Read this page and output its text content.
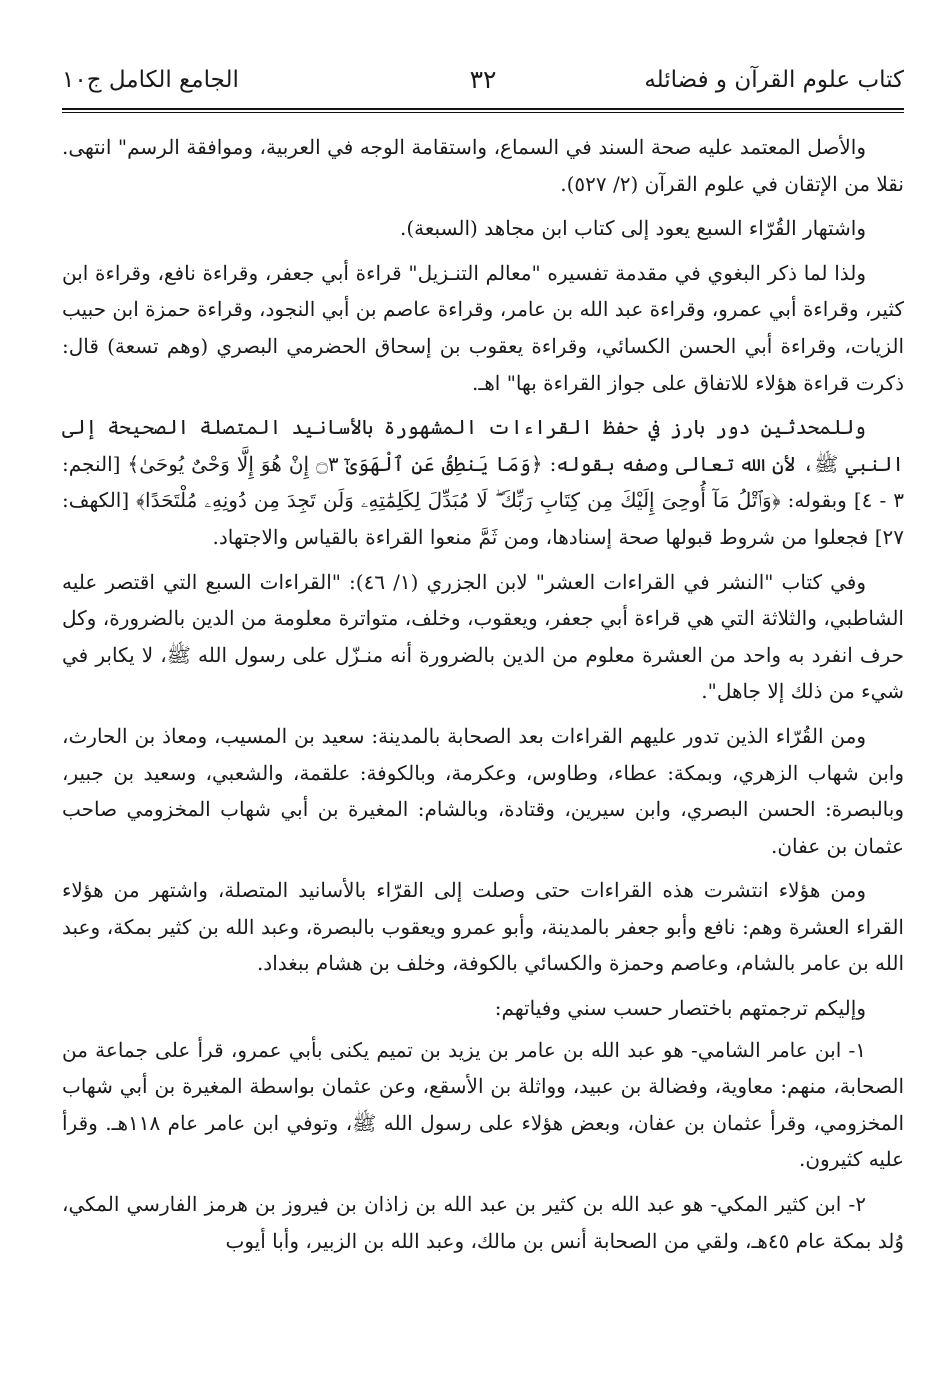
كتاب علوم القرآن و فضائله
٣٢
الجامع الكامل ج١٠

والأصل المعتمد عليه صحة السند في السماع، واستقامة الوجه في العربية، وموافقة الرسم" انتهى. نقلا من الإتقان في علوم القرآن (٢/ ٥٢٧).

واشتهار القُرّاء السبع يعود إلى كتاب ابن مجاهد (السبعة).

ولذا لما ذكر البغوي في مقدمة تفسيره "معالم التنـزيل" قراءة أبي جعفر، وقراءة نافع، وقراءة ابن كثير، وقراءة أبي عمرو، وقراءة عبد الله بن عامر، وقراءة عاصم بن أبي النجود، وقراءة حمزة ابن حبيب الزيات، وقراءة أبي الحسن الكسائي، وقراءة يعقوب بن إسحاق الحضرمي البصري (وهم تسعة) قال: ذكرت قراءة هؤلاء للاتفاق على جواز القراءة بها" اهـ.

وللمحدثين دور بارز في حفظ القراءات المشهورة بالأسانيد المتصلة الصحيحة إلى النبي ﷺ، لأن الله تعالى وصفه بقوله: ﴿وَمَا يَنطِقُ عَنِ ٱلْهَوَىٰٓ ۝٣ إِنْ هُوَ إِلَّا وَحْىٌ يُوحَىٰ﴾ [النجم: ٣ - ٤] وبقوله: ﴿وَٱتْلُ مَآ أُوحِىَ إِلَيْكَ مِن كِتَابِ رَبِّكَ ۖ لَا مُبَدِّلَ لِكَلِمَٰتِهِۦ وَلَن تَجِدَ مِن دُونِهِۦ مُلْتَحَدًا﴾ [الكهف: ٢٧] فجعلوا من شروط قبولها صحة إسنادها، ومن ثَمَّ منعوا القراءة بالقياس والاجتهاد.

وفي كتاب "النشر في القراءات العشر" لابن الجزري (١/ ٤٦): "القراءات السبع التي اقتصر عليه الشاطبي، والثلاثة التي هي قراءة أبي جعفر، ويعقوب، وخلف، متواترة معلومة من الدين بالضرورة، وكل حرف انفرد به واحد من العشرة معلوم من الدين بالضرورة أنه منـزّل على رسول الله ﷺ، لا يكابر في شيء من ذلك إلا جاهل".

ومن القُرّاء الذين تدور عليهم القراءات بعد الصحابة بالمدينة: سعيد بن المسيب، ومعاذ بن الحارث، وابن شهاب الزهري، وبمكة: عطاء، وطاوس، وعكرمة، وبالكوفة: علقمة، والشعبي، وسعيد بن جبير، وبالبصرة: الحسن البصري، وابن سيرين، وقتادة، وبالشام: المغيرة بن أبي شهاب المخزومي صاحب عثمان بن عفان.

ومن هؤلاء انتشرت هذه القراءات حتى وصلت إلى القرّاء بالأسانيد المتصلة، واشتهر من هؤلاء القراء العشرة وهم: نافع وأبو جعفر بالمدينة، وأبو عمرو ويعقوب بالبصرة، وعبد الله بن كثير بمكة، وعبد الله بن عامر بالشام، وعاصم وحمزة والكسائي بالكوفة، وخلف بن هشام ببغداد.

وإليكم ترجمتهم باختصار حسب سني وفياتهم:

١- ابن عامر الشامي- هو عبد الله بن عامر بن يزيد بن تميم يكنى بأبي عمرو، قرأ على جماعة من الصحابة، منهم: معاوية، وفضالة بن عبيد، وواثلة بن الأسقع، وعن عثمان بواسطة المغيرة بن أبي شهاب المخزومي، وقرأ عثمان بن عفان، وبعض هؤلاء على رسول الله ﷺ، وتوفي ابن عامر عام ١١٨هـ. وقرأ عليه كثيرون.

٢- ابن كثير المكي- هو عبد الله بن كثير بن عبد الله بن زاذان بن فيروز بن هرمز الفارسي المكي، وُلد بمكة عام ٤٥هـ، ولقي من الصحابة أنس بن مالك، وعبد الله بن الزبير، وأبا أيوب
